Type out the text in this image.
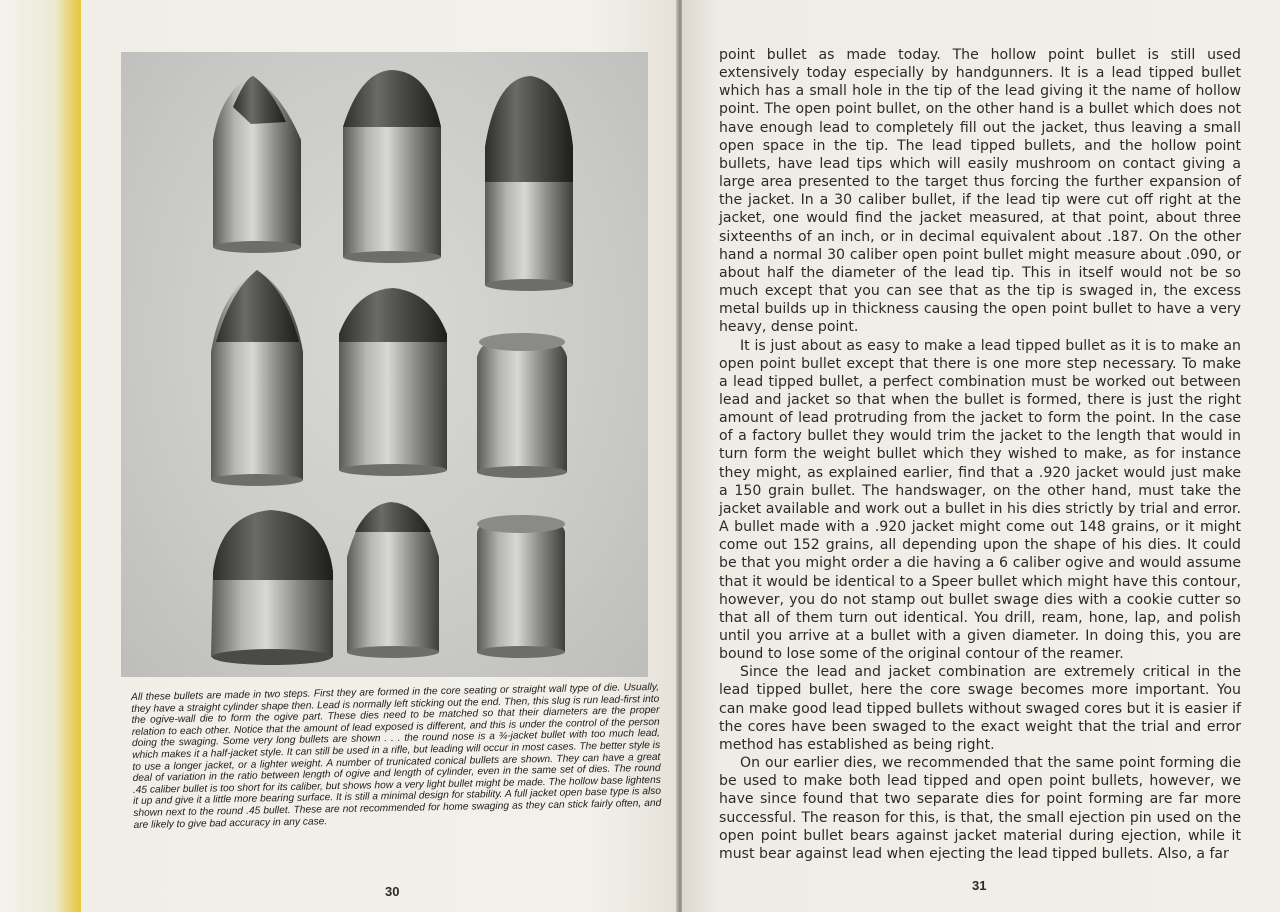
All these bullets are made in two steps. First they are formed in the core seating or straight wall type of die. Usually, they have a straight cylinder shape then. Lead is normally left sticking out the end. Then, this slug is run lead-first into the ogive-wall die to form the ogive part. These dies need to be matched so that their diameters are the proper relation to each other. Notice that the amount of lead exposed is different, and this is under the control of the person doing the swaging. Some very long bullets are shown . . . the round nose is a ¾-jacket bullet with too much lead, which makes it a half-jacket style. It can still be used in a rifle, but leading will occur in most cases. The better style is to use a longer jacket, or a lighter weight. A number of trunicated conical bullets are shown. They can have a great deal of variation in the ratio between length of ogive and length of cylinder, even in the same set of dies. The round .45 caliber bullet is too short for its caliber, but shows how a very light bullet might be made. The hollow base lightens it up and give it a little more bearing surface. It is still a minimal design for stability. A full jacket open base type is also shown next to the round .45 bullet. These are not recommended for home swaging as they can stick fairly often, and are likely to give bad accuracy in any case.
30

point bullet as made today. The hollow point bullet is still used extensively today especially by handgunners. It is a lead tipped bullet which has a small hole in the tip of the lead giving it the name of hollow point. The open point bullet, on the other hand is a bullet which does not have enough lead to completely fill out the jacket, thus leaving a small open space in the tip. The lead tipped bullets, and the hollow point bullets, have lead tips which will easily mushroom on contact giving a large area presented to the target thus forcing the further expansion of the jacket. In a 30 caliber bullet, if the lead tip were cut off right at the jacket, one would find the jacket measured, at that point, about three sixteenths of an inch, or in decimal equivalent about .187. On the other hand a normal 30 caliber open point bullet might measure about .090, or about half the diameter of the lead tip. This in itself would not be so much except that you can see that as the tip is swaged in, the excess metal builds up in thickness causing the open point bullet to have a very heavy, dense point.

It is just about as easy to make a lead tipped bullet as it is to make an open point bullet except that there is one more step necessary. To make a lead tipped bullet, a perfect combination must be worked out between lead and jacket so that when the bullet is formed, there is just the right amount of lead protruding from the jacket to form the point. In the case of a factory bullet they would trim the jacket to the length that would in turn form the weight bullet which they wished to make, as for instance they might, as explained earlier, find that a .920 jacket would just make a 150 grain bullet. The handswager, on the other hand, must take the jacket available and work out a bullet in his dies strictly by trial and error. A bullet made with a .920 jacket might come out 148 grains, or it might come out 152 grains, all depending upon the shape of his dies. It could be that you might order a die having a 6 caliber ogive and would assume that it would be identical to a Speer bullet which might have this contour, however, you do not stamp out bullet swage dies with a cookie cutter so that all of them turn out identical. You drill, ream, hone, lap, and polish until you arrive at a bullet with a given diameter. In doing this, you are bound to lose some of the original contour of the reamer.

Since the lead and jacket combination are extremely critical in the lead tipped bullet, here the core swage becomes more important. You can make good lead tipped bullets without swaged cores but it is easier if the cores have been swaged to the exact weight that the trial and error method has established as being right.

On our earlier dies, we recommended that the same point forming die be used to make both lead tipped and open point bullets, however, we have since found that two separate dies for point forming are far more successful. The reason for this, is that, the small ejection pin used on the open point bullet bears against jacket material during ejection, while it must bear against lead when ejecting the lead tipped bullets. Also, a far

31
